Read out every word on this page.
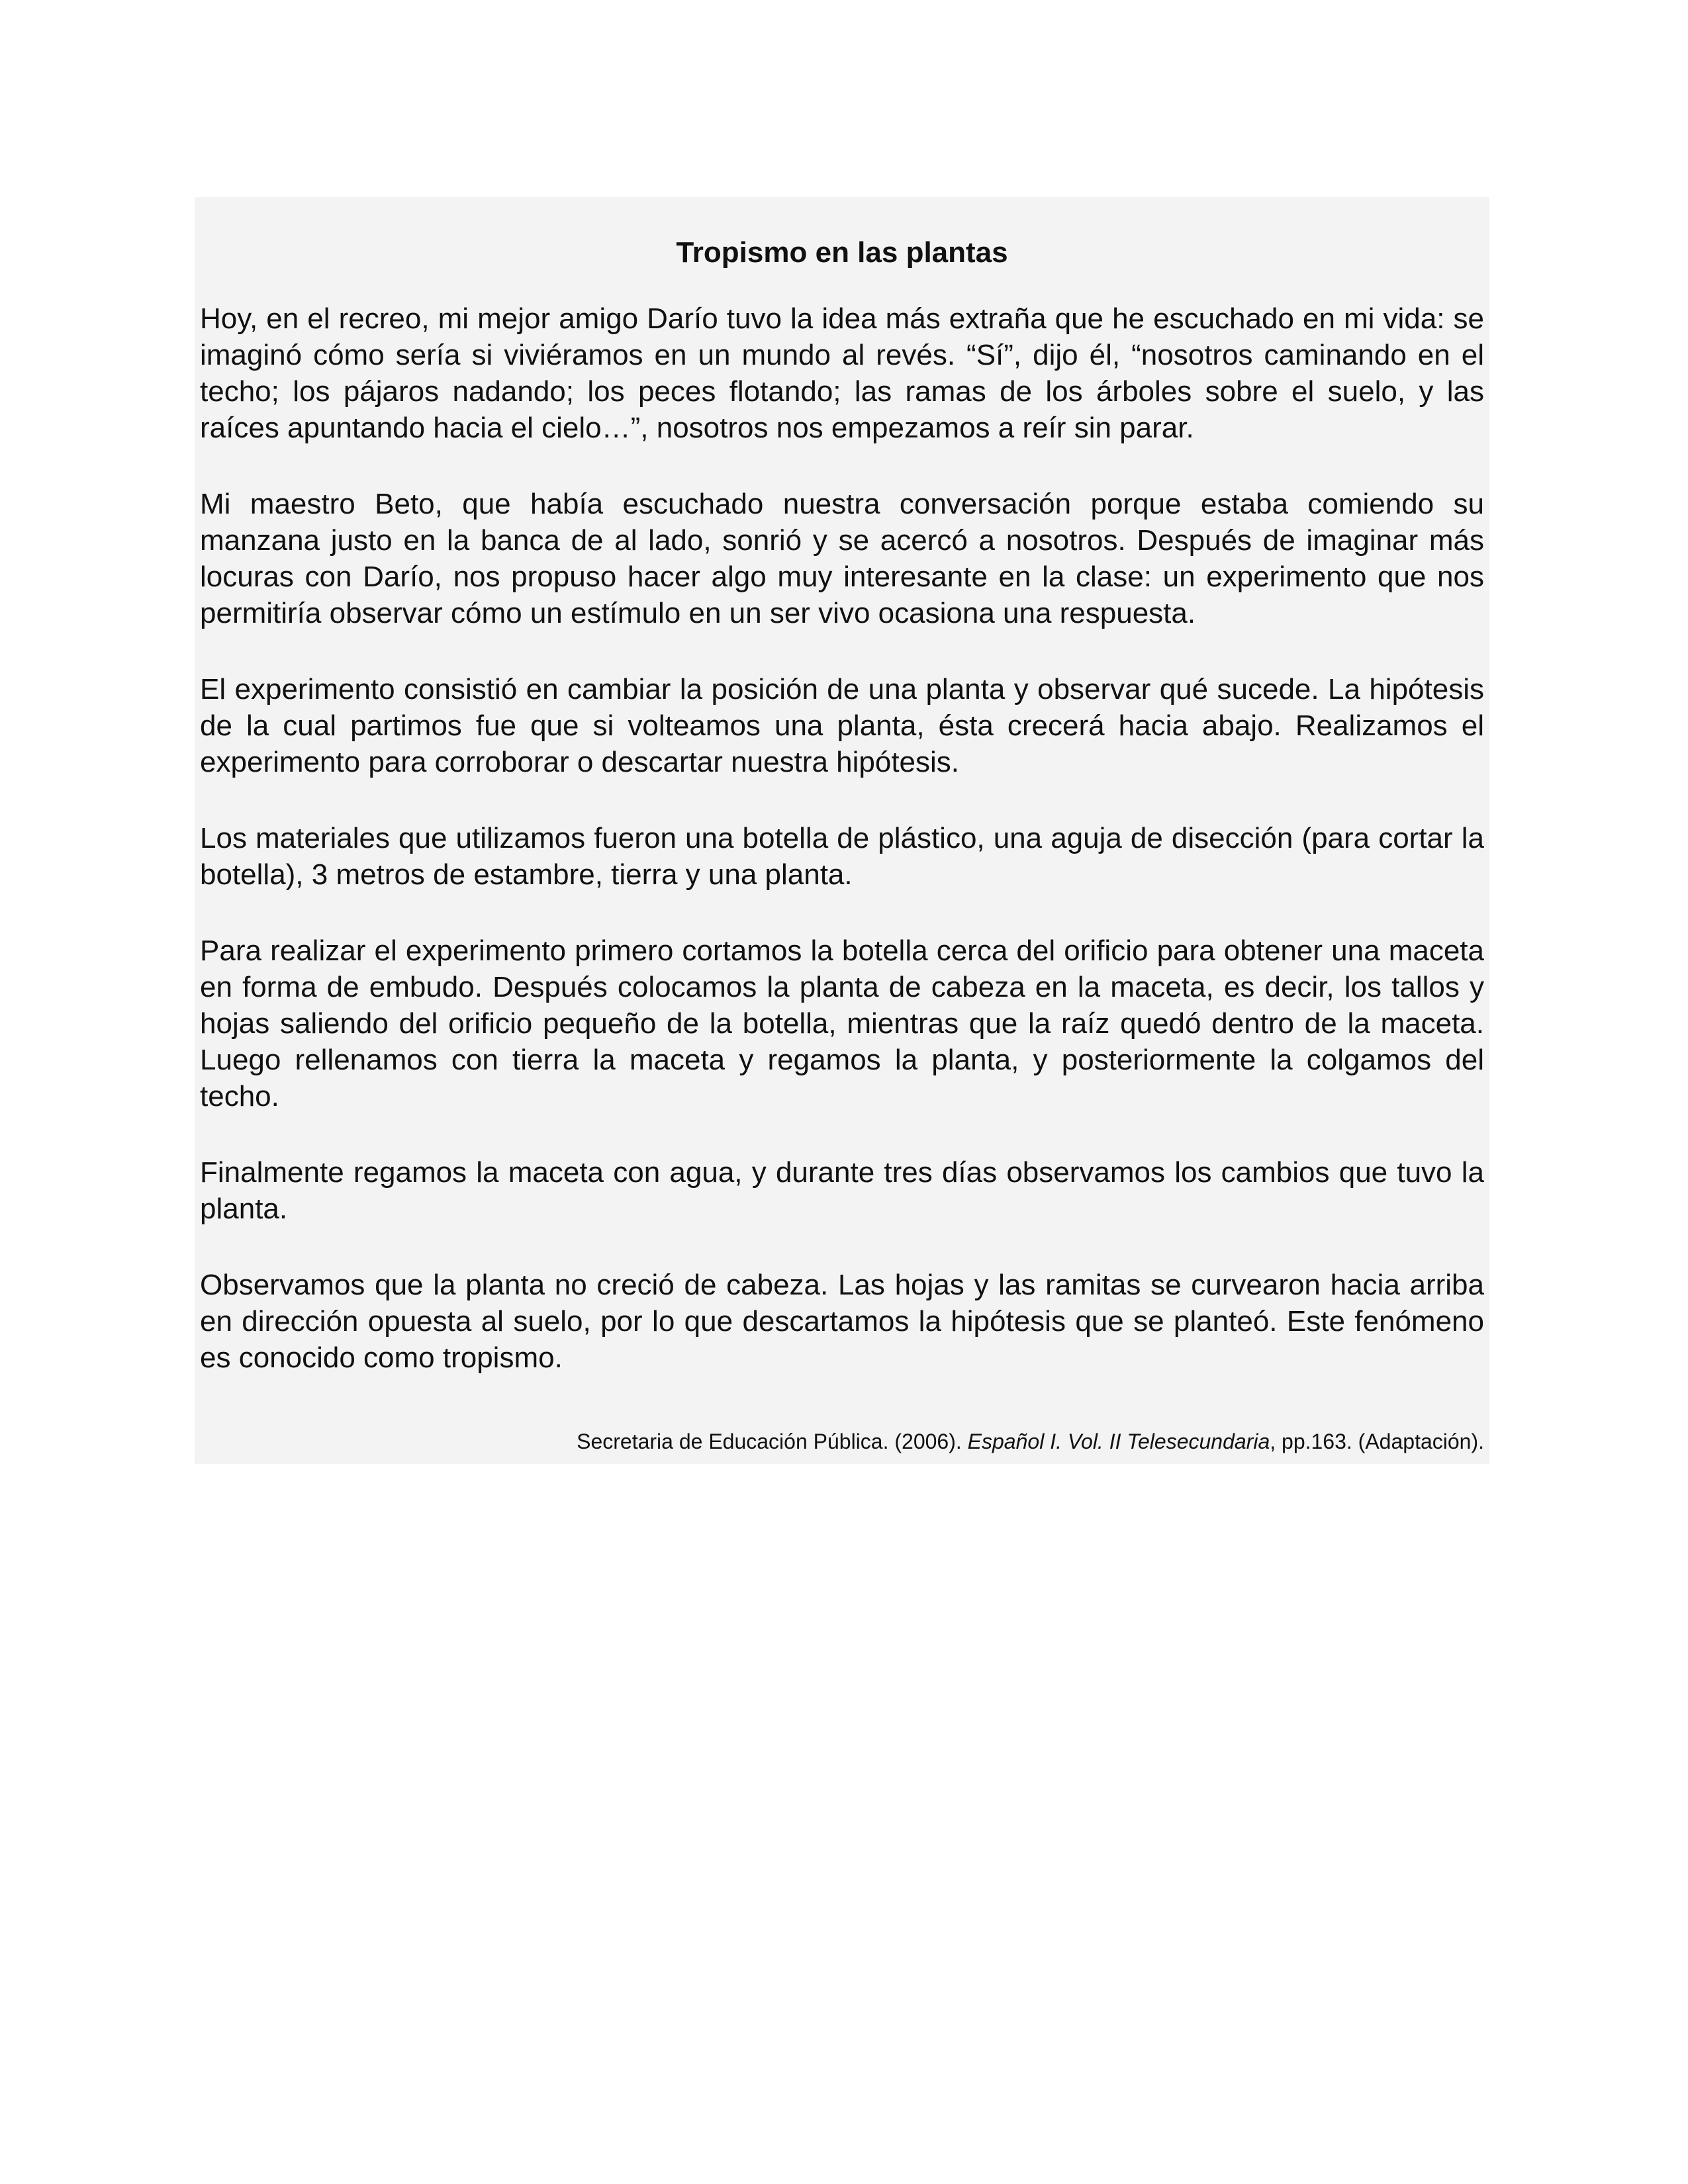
Tropismo en las plantas

Hoy, en el recreo, mi mejor amigo Darío tuvo la idea más extraña que he escuchado en mi vida: se imaginó cómo sería si viviéramos en un mundo al revés. “Sí”, dijo él, “nosotros caminando en el techo; los pájaros nadando; los peces flotando; las ramas de los árboles sobre el suelo, y las raíces apuntando hacia el cielo…”, nosotros nos empezamos a reír sin parar.

Mi maestro Beto, que había escuchado nuestra conversación porque estaba comiendo su manzana justo en la banca de al lado, sonrió y se acercó a nosotros. Después de imaginar más locuras con Darío, nos propuso hacer algo muy interesante en la clase: un experimento que nos permitiría observar cómo un estímulo en un ser vivo ocasiona una respuesta.

El experimento consistió en cambiar la posición de una planta y observar qué sucede. La hipótesis de la cual partimos fue que si volteamos una planta, ésta crecerá hacia abajo. Realizamos el experimento para corroborar o descartar nuestra hipótesis.

Los materiales que utilizamos fueron una botella de plástico, una aguja de disección (para cortar la botella), 3 metros de estambre, tierra y una planta.

Para realizar el experimento primero cortamos la botella cerca del orificio para obtener una maceta en forma de embudo. Después colocamos la planta de cabeza en la maceta, es decir, los tallos y hojas saliendo del orificio pequeño de la botella, mientras que la raíz quedó dentro de la maceta. Luego rellenamos con tierra la maceta y regamos la planta, y posteriormente la colgamos del techo.

Finalmente regamos la maceta con agua, y durante tres días observamos los cambios que tuvo la planta.

Observamos que la planta no creció de cabeza. Las hojas y las ramitas se curvearon hacia arriba en dirección opuesta al suelo, por lo que descartamos la hipótesis que se planteó. Este fenómeno es conocido como tropismo.

Secretaria de Educación Pública. (2006). Español I. Vol. II Telesecundaria, pp.163. (Adaptación).
